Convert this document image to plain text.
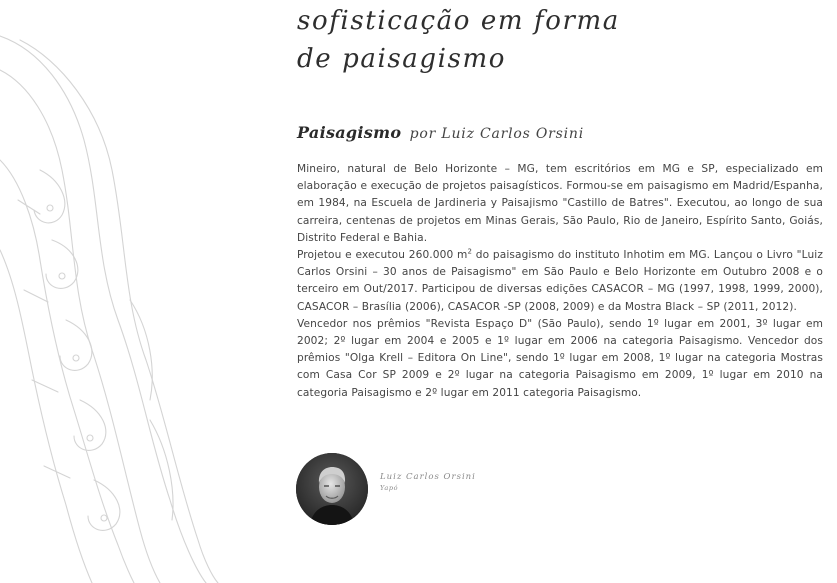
sofisticação em forma
de paisagismo
Paisagismo por Luiz Carlos Orsini

Mineiro, natural de Belo Horizonte – MG, tem escritórios em MG e SP, especializado em elaboração e execução de projetos paisagísticos. Formou-se em paisagismo em Madrid/Espanha, em 1984, na Escuela de Jardineria y Paisajismo "Castillo de Batres". Executou, ao longo de sua carreira, centenas de projetos em Minas Gerais, São Paulo, Rio de Janeiro, Espírito Santo, Goiás, Distrito Federal e Bahia.

Projetou e executou 260.000 $m^2$ do paisagismo do instituto Inhotim em MG. Lançou o Livro "Luiz Carlos Orsini – 30 anos de Paisagismo" em São Paulo e Belo Horizonte em Outubro 2008 e o terceiro em Out/2017. Participou de diversas edições CASACOR – MG (1997, 1998, 1999, 2000), CASACOR – Brasília (2006), CASACOR -SP (2008, 2009) e da Mostra Black – SP (2011, 2012).

Vencedor nos prêmios "Revista Espaço D" (São Paulo), sendo 1º lugar em 2001, 3º lugar em 2002; 2º lugar em 2004 e 2005 e 1º lugar em 2006 na categoria Paisagismo. Vencedor dos prêmios "Olga Krell – Editora On Line", sendo 1º lugar em 2008, 1º lugar na categoria Mostras com Casa Cor SP 2009 e 2º lugar na categoria Paisagismo em 2009, 1º lugar em 2010 na categoria Paisagismo e 2º lugar em 2011 categoria Paisagismo.

Luiz Carlos Orsini
Yapó
